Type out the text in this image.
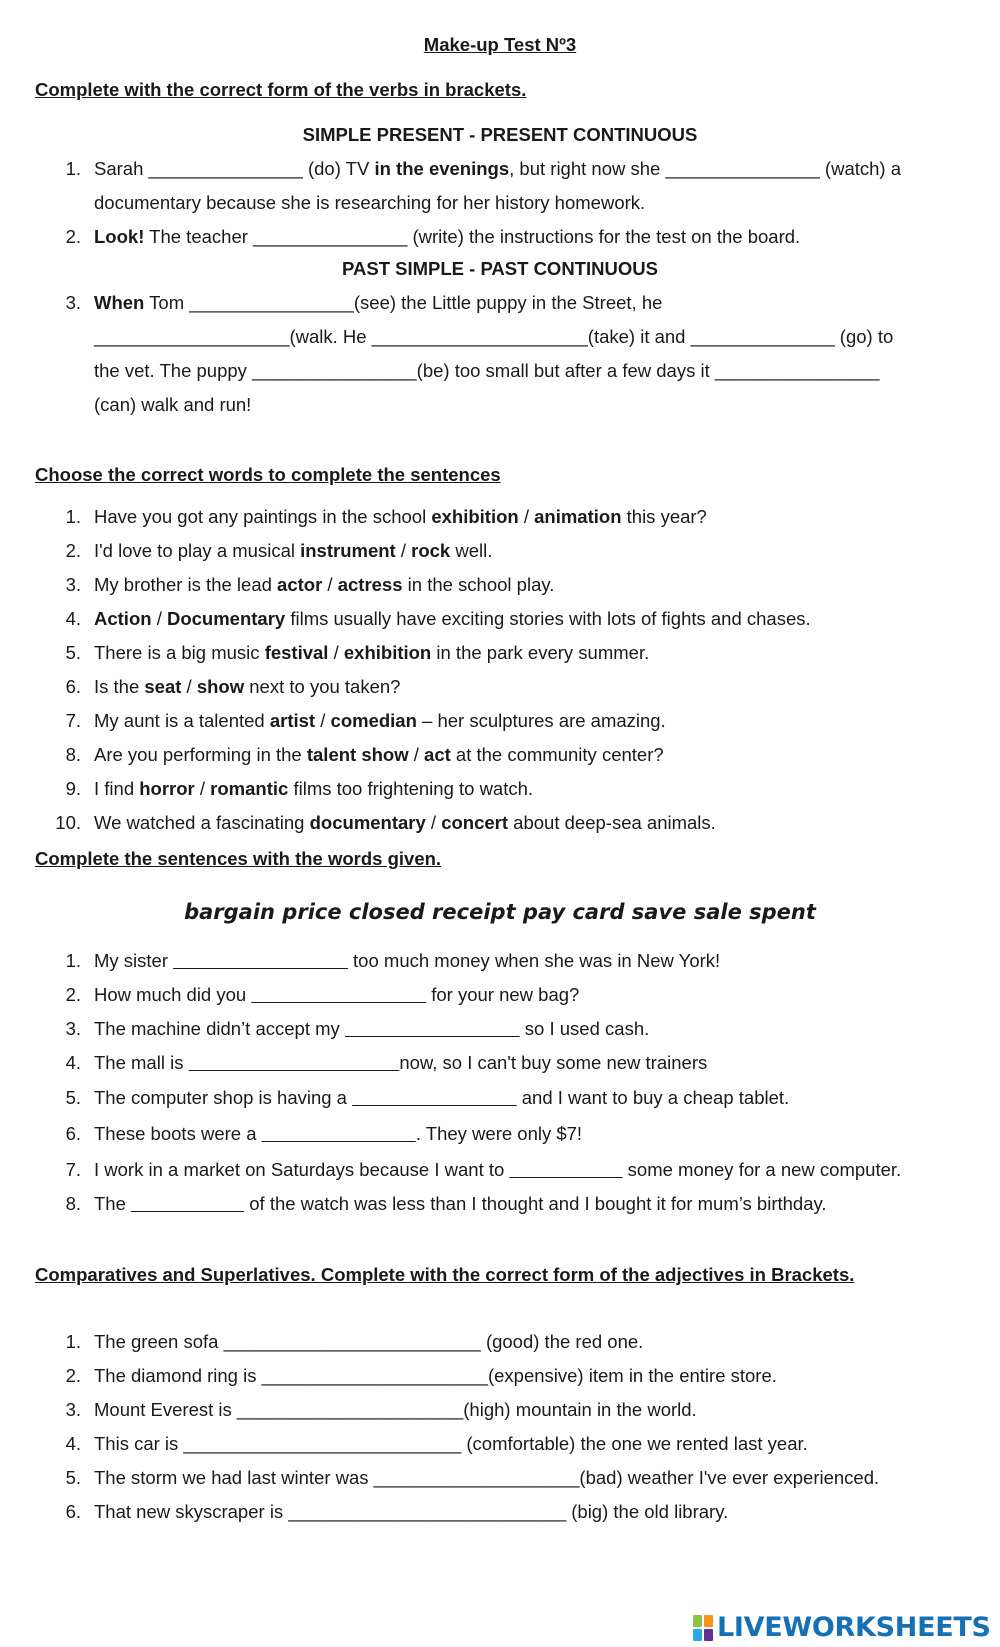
Make-up Test Nº3
Complete with the correct form of the verbs in brackets.
SIMPLE PRESENT - PRESENT CONTINUOUS
1. Sarah _______________ (do) TV in the evenings, but right now she _______________ (watch) a
documentary because she is researching for her history homework.
2. Look! The teacher _______________ (write) the instructions for the test on the board.
PAST SIMPLE - PAST CONTINUOUS
3. When Tom ________________(see) the Little puppy in the Street, he
___________________(walk. He _____________________(take) it and ______________ (go) to
the vet. The puppy ________________(be) too small but after a few days it ________________
(can) walk and run!
Choose the correct words to complete the sentences
1. Have you got any paintings in the school exhibition / animation this year?
2. I'd love to play a musical instrument / rock well.
3. My brother is the lead actor / actress in the school play.
4. Action / Documentary films usually have exciting stories with lots of fights and chases.
5. There is a big music festival / exhibition in the park every summer.
6. Is the seat / show next to you taken?
7. My aunt is a talented artist / comedian – her sculptures are amazing.
8. Are you performing in the talent show / act at the community center?
9. I find horror / romantic films too frightening to watch.
10. We watched a fascinating documentary / concert about deep-sea animals.
Complete the sentences with the words given.
bargain price closed receipt pay card save sale spent
1. My sister	too much money when she was in New York!
2. How much did you	for your new bag?
3. The machine didn’t accept my	so I used cash.
4. The mall is	now, so I can't buy some new trainers
5. The computer shop is having a	and I want to buy a cheap tablet.
6. These boots were a	. They were only $7!
7. I work in a market on Saturdays because I want to	some money for a new computer.
8. The	of the watch was less than I thought and I bought it for mum’s birthday.
Comparatives and Superlatives. Complete with the correct form of the adjectives in Brackets.
1. The green sofa _________________________ (good) the red one.
2. The diamond ring is ______________________(expensive) item in the entire store.
3. Mount Everest is ______________________(high) mountain in the world.
4. This car is ___________________________ (comfortable) the one we rented last year.
5. The storm we had last winter was ____________________(bad) weather I've ever experienced.
6. That new skyscraper is ___________________________ (big) the old library.
LIVEWORKSHEETS
